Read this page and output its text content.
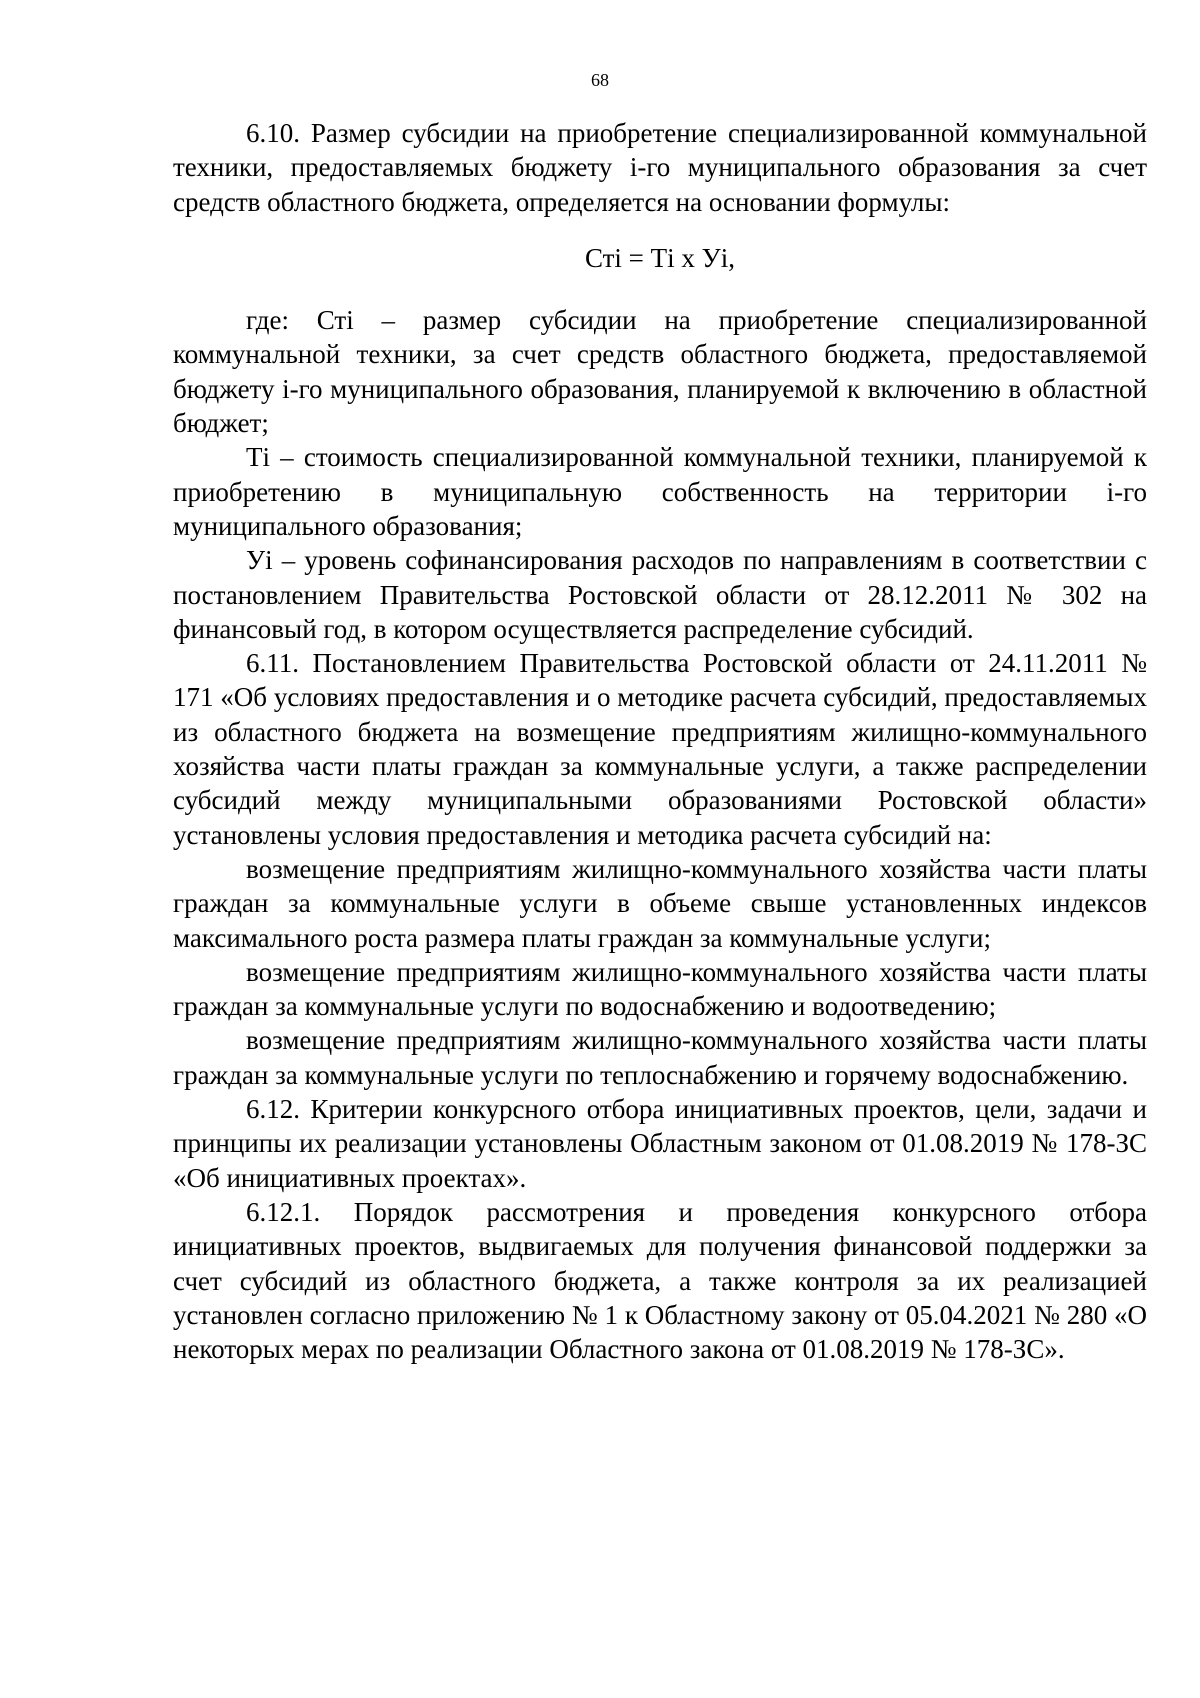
68

6.10. Размер субсидии на приобретение специализированной коммунальной техники, предоставляемых бюджету i-го муниципального образования за счет средств областного бюджета, определяется на основании формулы:

Сті = Ті х Уі,

где: Сті – размер субсидии на приобретение специализированной коммунальной техники, за счет средств областного бюджета, предоставляемой бюджету i-го муниципального образования, планируемой к включению в областной бюджет;

Ті – стоимость специализированной коммунальной техники, планируемой к приобретению в муниципальную собственность на территории i-го муниципального образования;

Уі – уровень софинансирования расходов по направлениям в соответствии с постановлением Правительства Ростовской области от 28.12.2011 № 302 на финансовый год, в котором осуществляется распределение субсидий.

6.11. Постановлением Правительства Ростовской области от 24.11.2011 № 171 «Об условиях предоставления и о методике расчета субсидий, предоставляемых из областного бюджета на возмещение предприятиям жилищно-коммунального хозяйства части платы граждан за коммунальные услуги, а также распределении субсидий между муниципальными образованиями Ростовской области» установлены условия предоставления и методика расчета субсидий на:

возмещение предприятиям жилищно-коммунального хозяйства части платы граждан за коммунальные услуги в объеме свыше установленных индексов максимального роста размера платы граждан за коммунальные услуги;

возмещение предприятиям жилищно-коммунального хозяйства части платы граждан за коммунальные услуги по водоснабжению и водоотведению;

возмещение предприятиям жилищно-коммунального хозяйства части платы граждан за коммунальные услуги по теплоснабжению и горячему водоснабжению.

6.12. Критерии конкурсного отбора инициативных проектов, цели, задачи и принципы их реализации установлены Областным законом от 01.08.2019 № 178-ЗС «Об инициативных проектах».

6.12.1. Порядок рассмотрения и проведения конкурсного отбора инициативных проектов, выдвигаемых для получения финансовой поддержки за счет субсидий из областного бюджета, а также контроля за их реализацией установлен согласно приложению № 1 к Областному закону от 05.04.2021 № 280 «О некоторых мерах по реализации Областного закона от 01.08.2019 № 178-ЗС».
